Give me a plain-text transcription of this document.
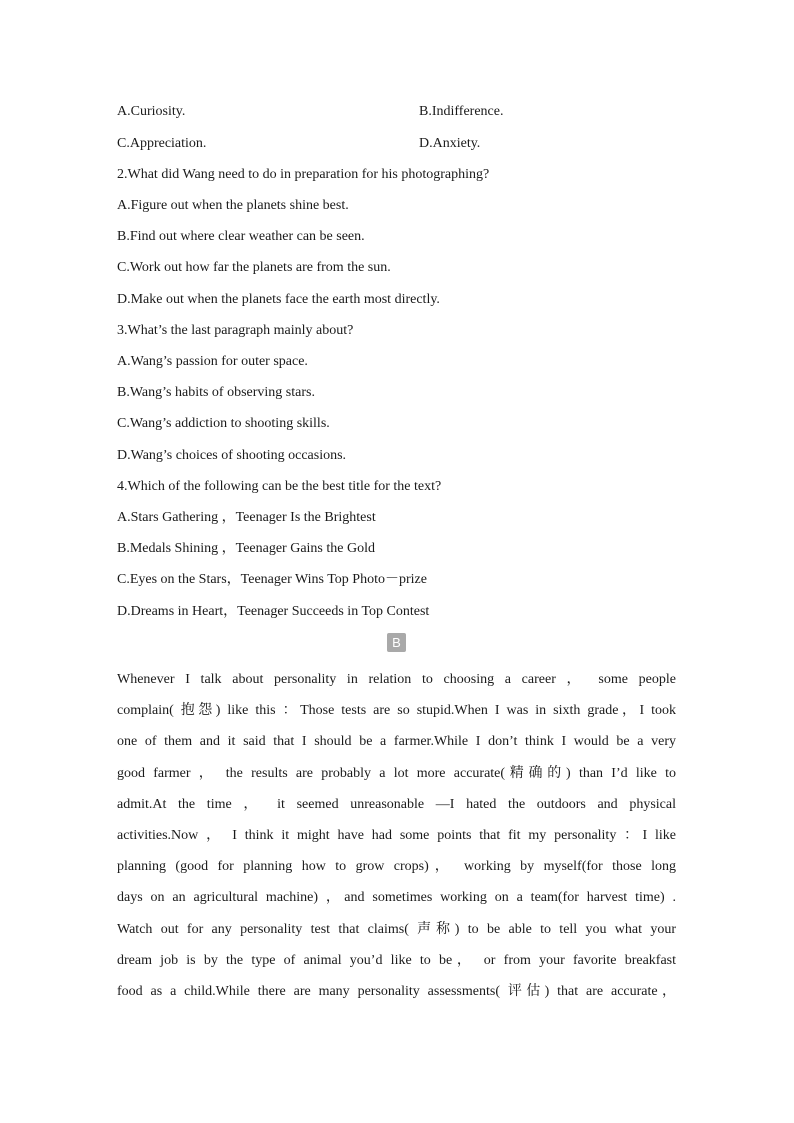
A.Curiosity.	B.Indifference.
C.Appreciation.	D.Anxiety.
2.What did Wang need to do in preparation for his photographing?
A.Figure out when the planets shine best.
B.Find out where clear weather can be seen.
C.Work out how far the planets are from the sun.
D.Make out when the planets face the earth most directly.
3.What’s the last paragraph mainly about?
A.Wang’s passion for outer space.
B.Wang’s habits of observing stars.
C.Wang’s addiction to shooting skills.
D.Wang’s choices of shooting occasions.
4.Which of the following can be the best title for the text?
A.Stars Gathering ，Teenager Is the Brightest
B.Medals Shining ，Teenager Gains the Gold
C.Eyes on the Stars，Teenager Wins Top Photo－prize
D.Dreams in Heart，Teenager Succeeds in Top Contest
B
Whenever I talk about personality in relation to choosing a career ， some people
complain( 抱怨) like this ：Those tests are so stupid.When I was in sixth grade，I took
one of them and it said that I should be a farmer.While I don’t think I would be a very
good farmer ， the results are probably a lot more accurate(精确的) than I’d like to
admit.At the time ， it seemed unreasonable —I hated the outdoors and physical
activities.Now ， I think it might have had some points that fit my personality ：I like
planning (good for planning how to grow crops)， working by myself(for those long
days on an agricultural machine) ，and sometimes working on a team(for harvest time) .
Watch out for any personality test that claims( 声称) to be able to tell you what your
dream job is by the type of animal you’d like to be， or from your favorite breakfast
food as a child.While there are many personality assessments( 评估) that are accurate，
